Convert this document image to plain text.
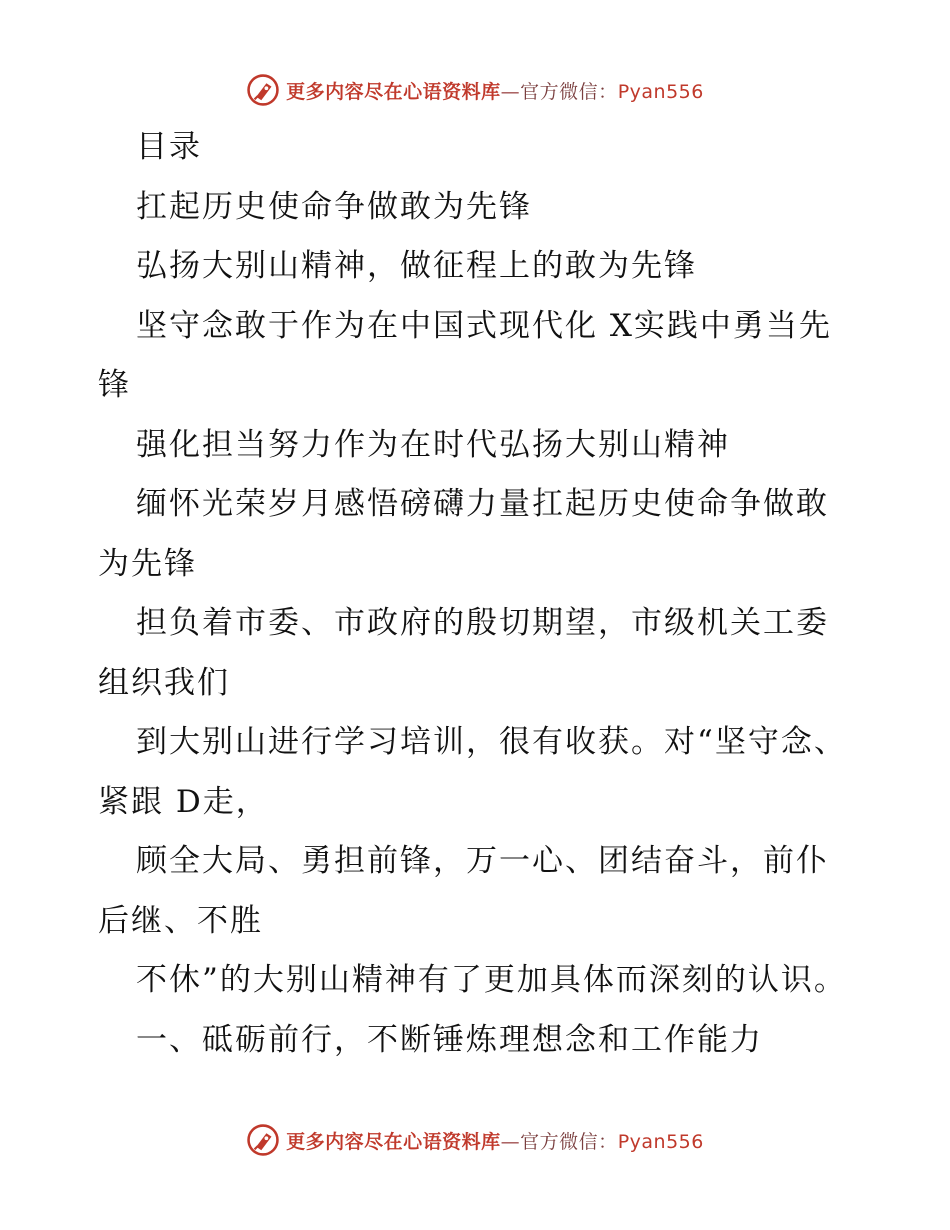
更多内容尽在心语资料库—官方微信：Pyan556

目录

扛起历史使命争做敢为先锋

弘扬大别山精神，做征程上的敢为先锋

坚守念敢于作为在中国式现代化 X实践中勇当先锋

强化担当努力作为在时代弘扬大别山精神

缅怀光荣岁月感悟磅礴力量扛起历史使命争做敢为先锋

担负着市委、市政府的殷切期望，市级机关工委组织我们

到大别山进行学习培训，很有收获。对“坚守念、紧跟 D走，

顾全大局、勇担前锋，万一心、团结奋斗，前仆后继、不胜

不休”的大别山精神有了更加具体而深刻的认识。

一、砥砺前行，不断锤炼理想念和工作能力

更多内容尽在心语资料库—官方微信：Pyan556
